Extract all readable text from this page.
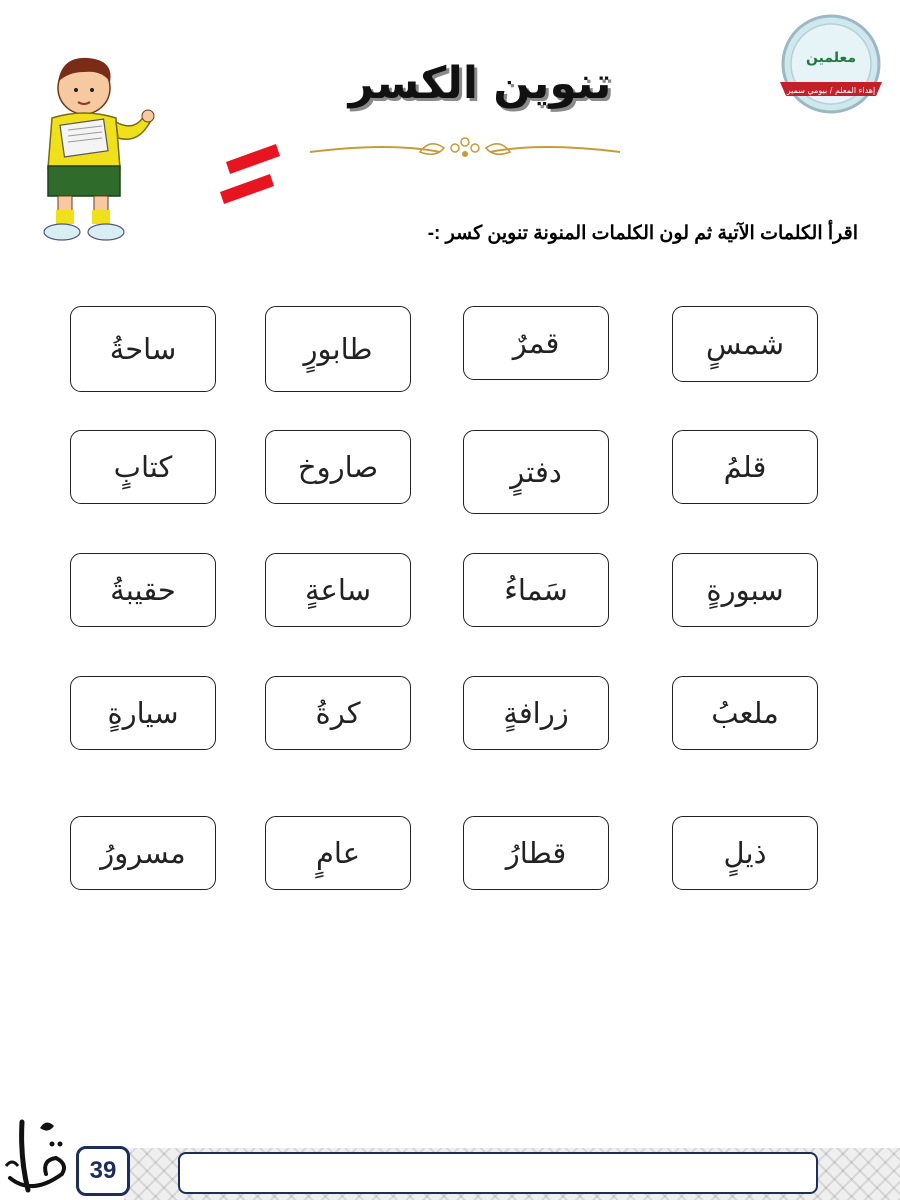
معلمين
إهداء المعلم / بيومي سمير
تنوين الكسر
اقرأ الكلمات الآتية ثم لون الكلمات المنونة تنوين كسر :-
شمسٍ
قمرٌ
طابورٍ
ساحةُ
قلمُ
دفترٍ
صاروخ
كتابٍ
سبورةٍ
سَماءُ
ساعةٍ
حقيبةُ
ملعبُ
زرافةٍ
كرةُ
سيارةٍ
ذيلٍ
قطارُ
عامٍ
مسرورُ
39
